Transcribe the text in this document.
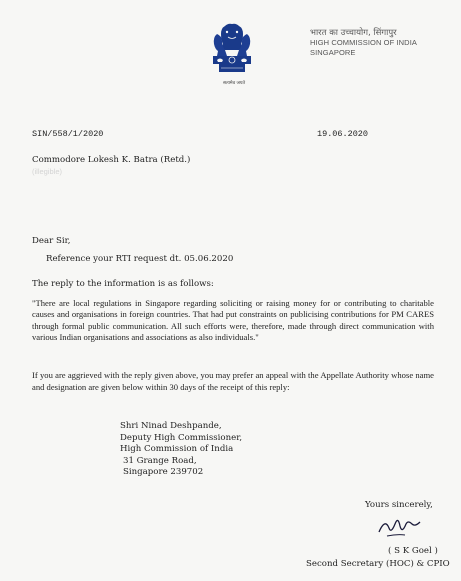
सत्यमेव जयते
भारत का उच्चायोग, सिंगापुर
HIGH COMMISSION OF INDIA
SINGAPORE
SIN/558/1/2020	19.06.2020
Commodore Lokesh K. Batra (Retd.)
(illegible)
Dear Sir,
Reference your RTI request dt. 05.06.2020
The reply to the information is as follows:
"There are local regulations in Singapore regarding soliciting or raising money for or contributing to charitable causes and organisations in foreign countries. That had put constraints on publicising contributions for PM CARES through formal public communication. All such efforts were, therefore, made through direct communication with various Indian organisations and associations as also individuals."
If you are aggrieved with the reply given above, you may prefer an appeal with the Appellate Authority whose name and designation are given below within 30 days of the receipt of this reply:
Shri Ninad Deshpande,
Deputy High Commissioner,
High Commission of India
31 Grange Road,
Singapore 239702
Yours sincerely,
( S K Goel )
Second Secretary (HOC) & CPIO
